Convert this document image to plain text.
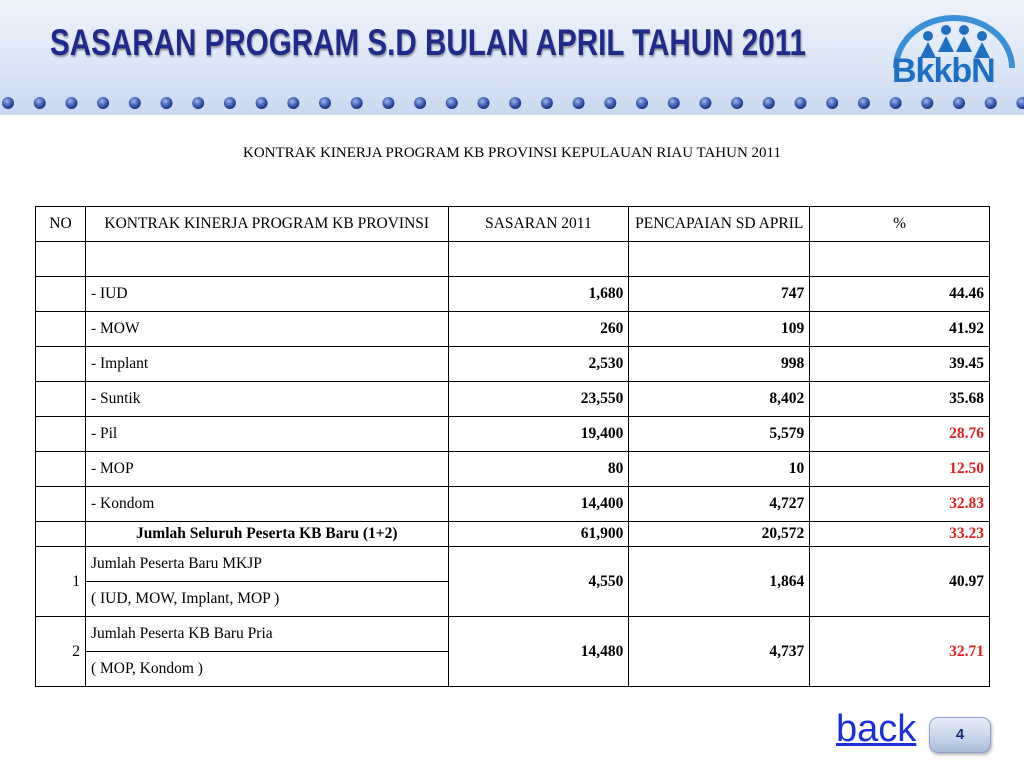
SASARAN PROGRAM S.D BULAN APRIL TAHUN 2011
BkkbN
KONTRAK KINERJA PROGRAM KB PROVINSI KEPULAUAN RIAU TAHUN 2011
NO	KONTRAK KINERJA PROGRAM KB PROVINSI	SASARAN 2011	PENCAPAIAN SD APRIL	%

	- IUD	1,680	747	44.46
	- MOW	260	109	41.92
	- Implant	2,530	998	39.45
	- Suntik	23,550	8,402	35.68
	- Pil	19,400	5,579	28.76
	- MOP	80	10	12.50
	- Kondom	14,400	4,727	32.83
	Jumlah Seluruh Peserta KB Baru (1+2)	61,900	20,572	33.23
1	Jumlah Peserta Baru MKJP	4,550	1,864	40.97
	( IUD, MOW, Implant, MOP )			
2	Jumlah Peserta KB Baru Pria	14,480	4,737	32.71
	( MOP, Kondom )			
back	4
